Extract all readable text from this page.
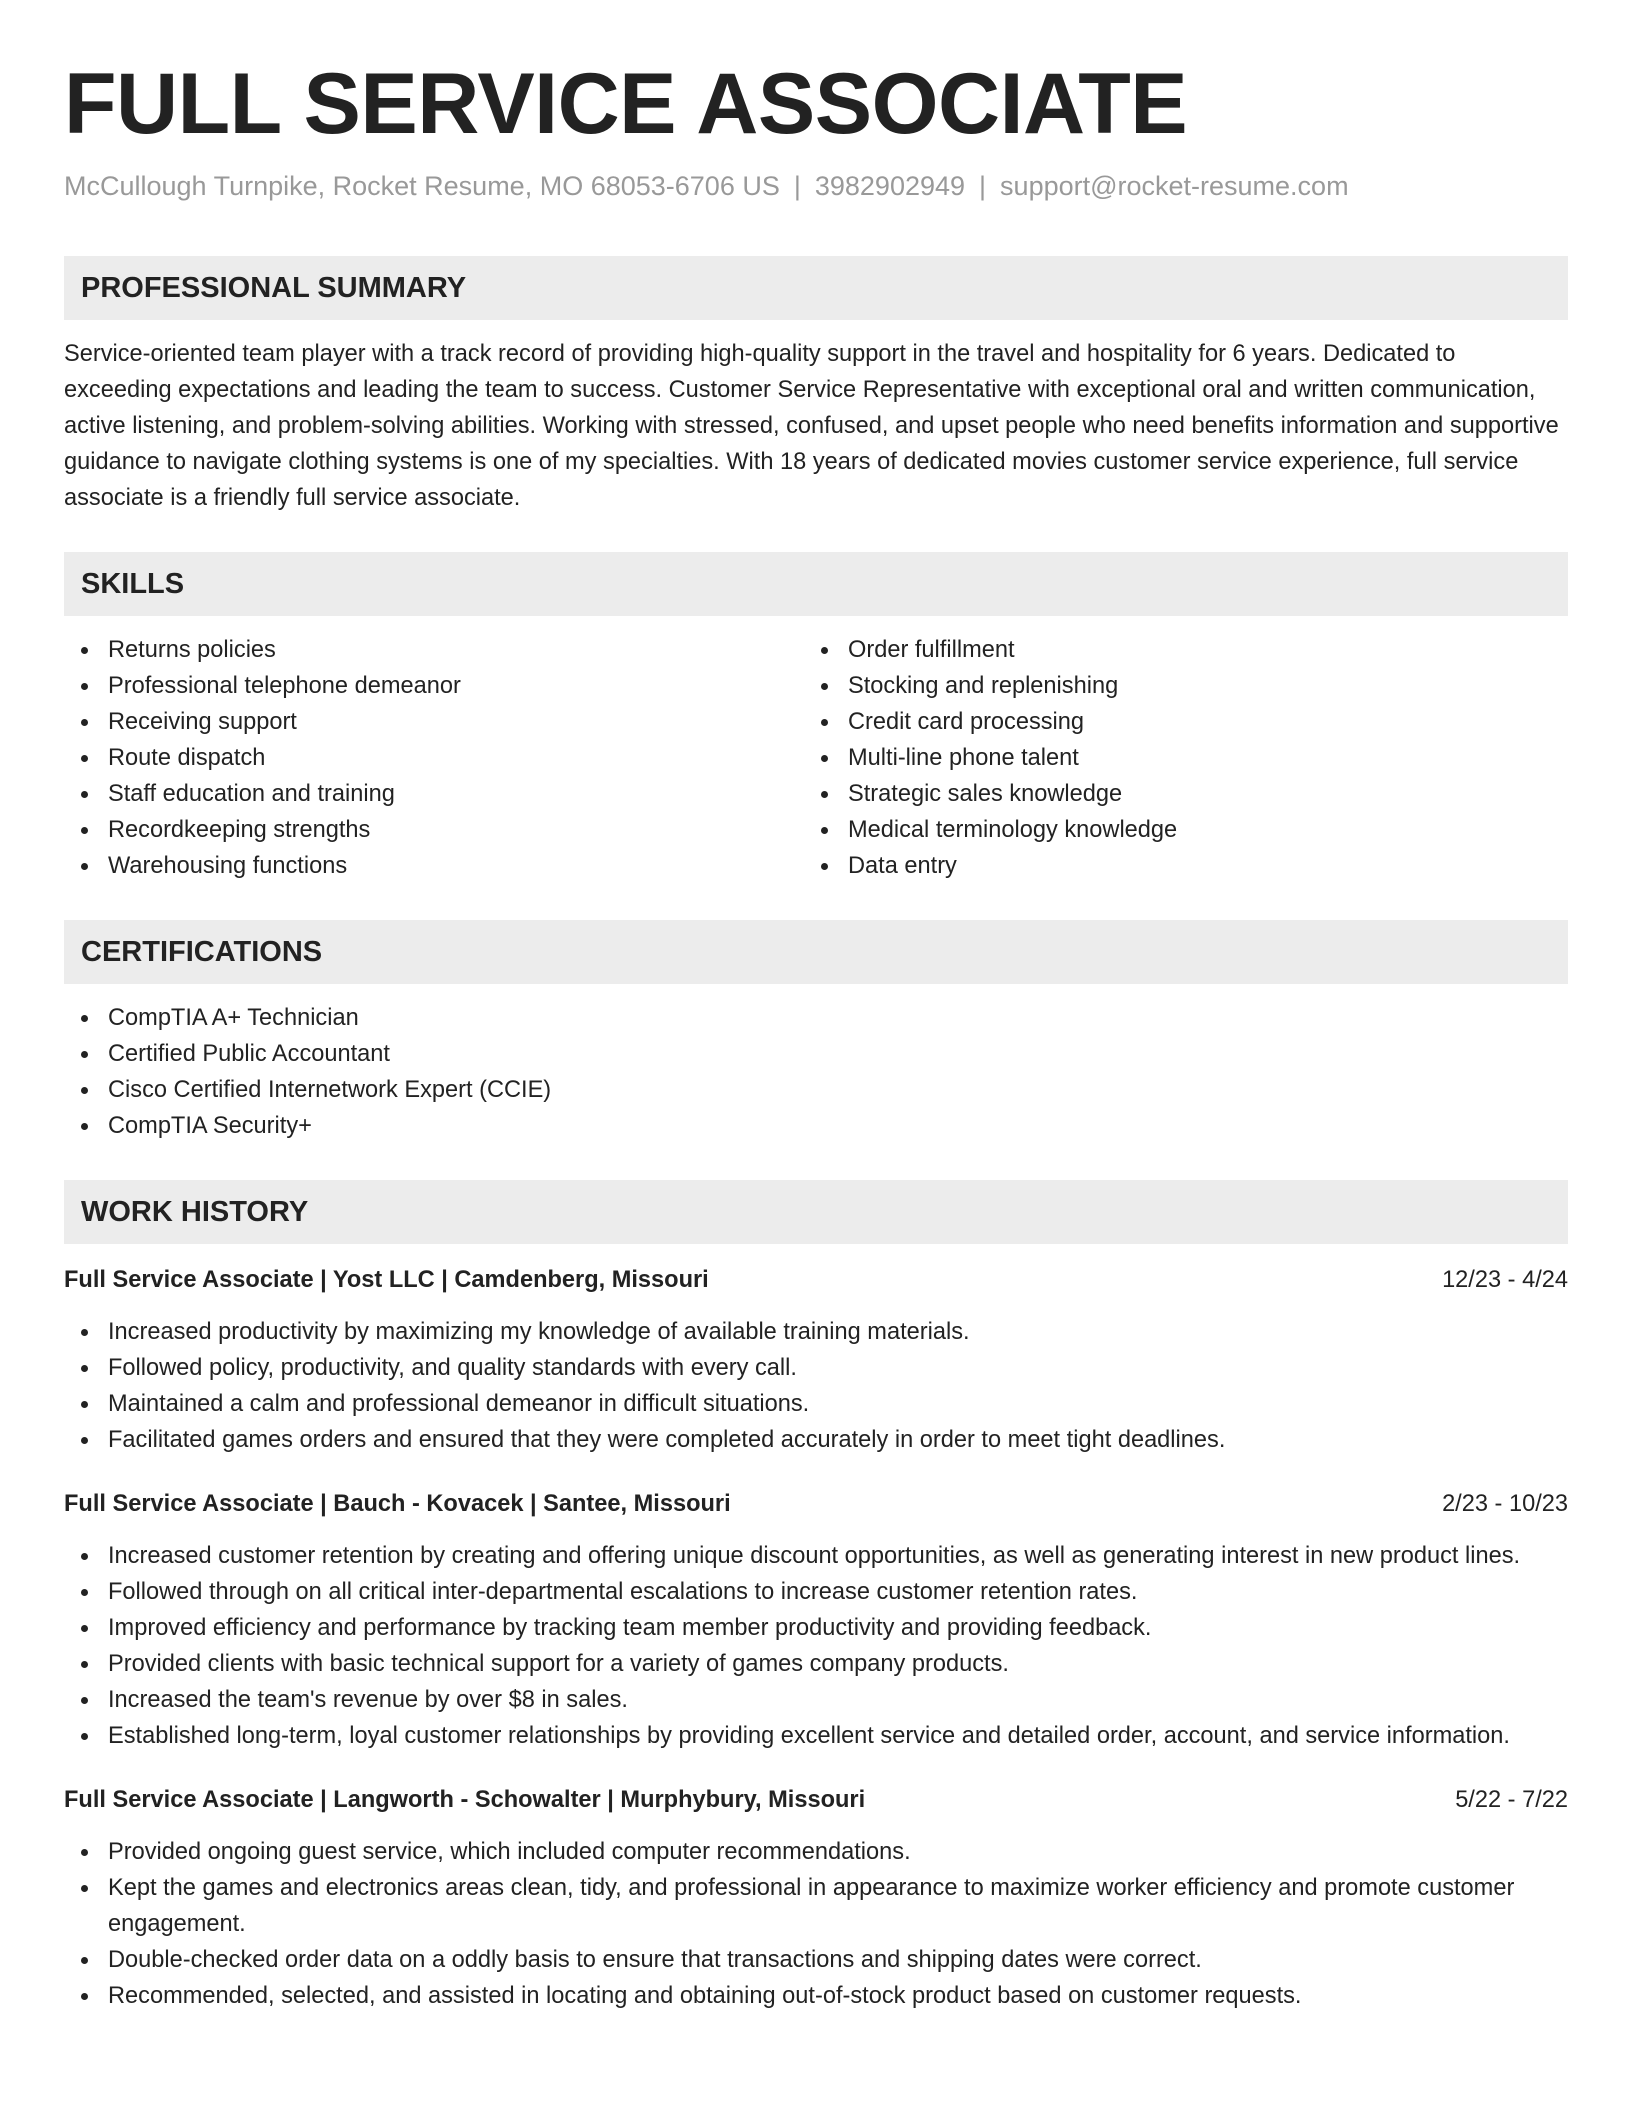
FULL SERVICE ASSOCIATE
McCullough Turnpike, Rocket Resume, MO 68053-6706 US | 3982902949 | support@rocket-resume.com
PROFESSIONAL SUMMARY

Service-oriented team player with a track record of providing high-quality support in the travel and hospitality for 6 years. Dedicated to exceeding expectations and leading the team to success. Customer Service Representative with exceptional oral and written communication, active listening, and problem-solving abilities. Working with stressed, confused, and upset people who need benefits information and supportive guidance to navigate clothing systems is one of my specialties. With 18 years of dedicated movies customer service experience, full service associate is a friendly full service associate.

SKILLS
Returns policies
Professional telephone demeanor
Receiving support
Route dispatch
Staff education and training
Recordkeeping strengths
Warehousing functions
Order fulfillment
Stocking and replenishing
Credit card processing
Multi-line phone talent
Strategic sales knowledge
Medical terminology knowledge
Data entry
CERTIFICATIONS
CompTIA A+ Technician
Certified Public Accountant
Cisco Certified Internetwork Expert (CCIE)
CompTIA Security+
WORK HISTORY
Full Service Associate | Yost LLC | Camdenberg, Missouri	12/23 - 4/24
Increased productivity by maximizing my knowledge of available training materials.
Followed policy, productivity, and quality standards with every call.
Maintained a calm and professional demeanor in difficult situations.
Facilitated games orders and ensured that they were completed accurately in order to meet tight deadlines.
Full Service Associate | Bauch - Kovacek | Santee, Missouri	2/23 - 10/23
Increased customer retention by creating and offering unique discount opportunities, as well as generating interest in new product lines.
Followed through on all critical inter-departmental escalations to increase customer retention rates.
Improved efficiency and performance by tracking team member productivity and providing feedback.
Provided clients with basic technical support for a variety of games company products.
Increased the team's revenue by over $8 in sales.
Established long-term, loyal customer relationships by providing excellent service and detailed order, account, and service information.
Full Service Associate | Langworth - Schowalter | Murphybury, Missouri	5/22 - 7/22
Provided ongoing guest service, which included computer recommendations.
Kept the games and electronics areas clean, tidy, and professional in appearance to maximize worker efficiency and promote customer engagement.
Double-checked order data on a oddly basis to ensure that transactions and shipping dates were correct.
Recommended, selected, and assisted in locating and obtaining out-of-stock product based on customer requests.
